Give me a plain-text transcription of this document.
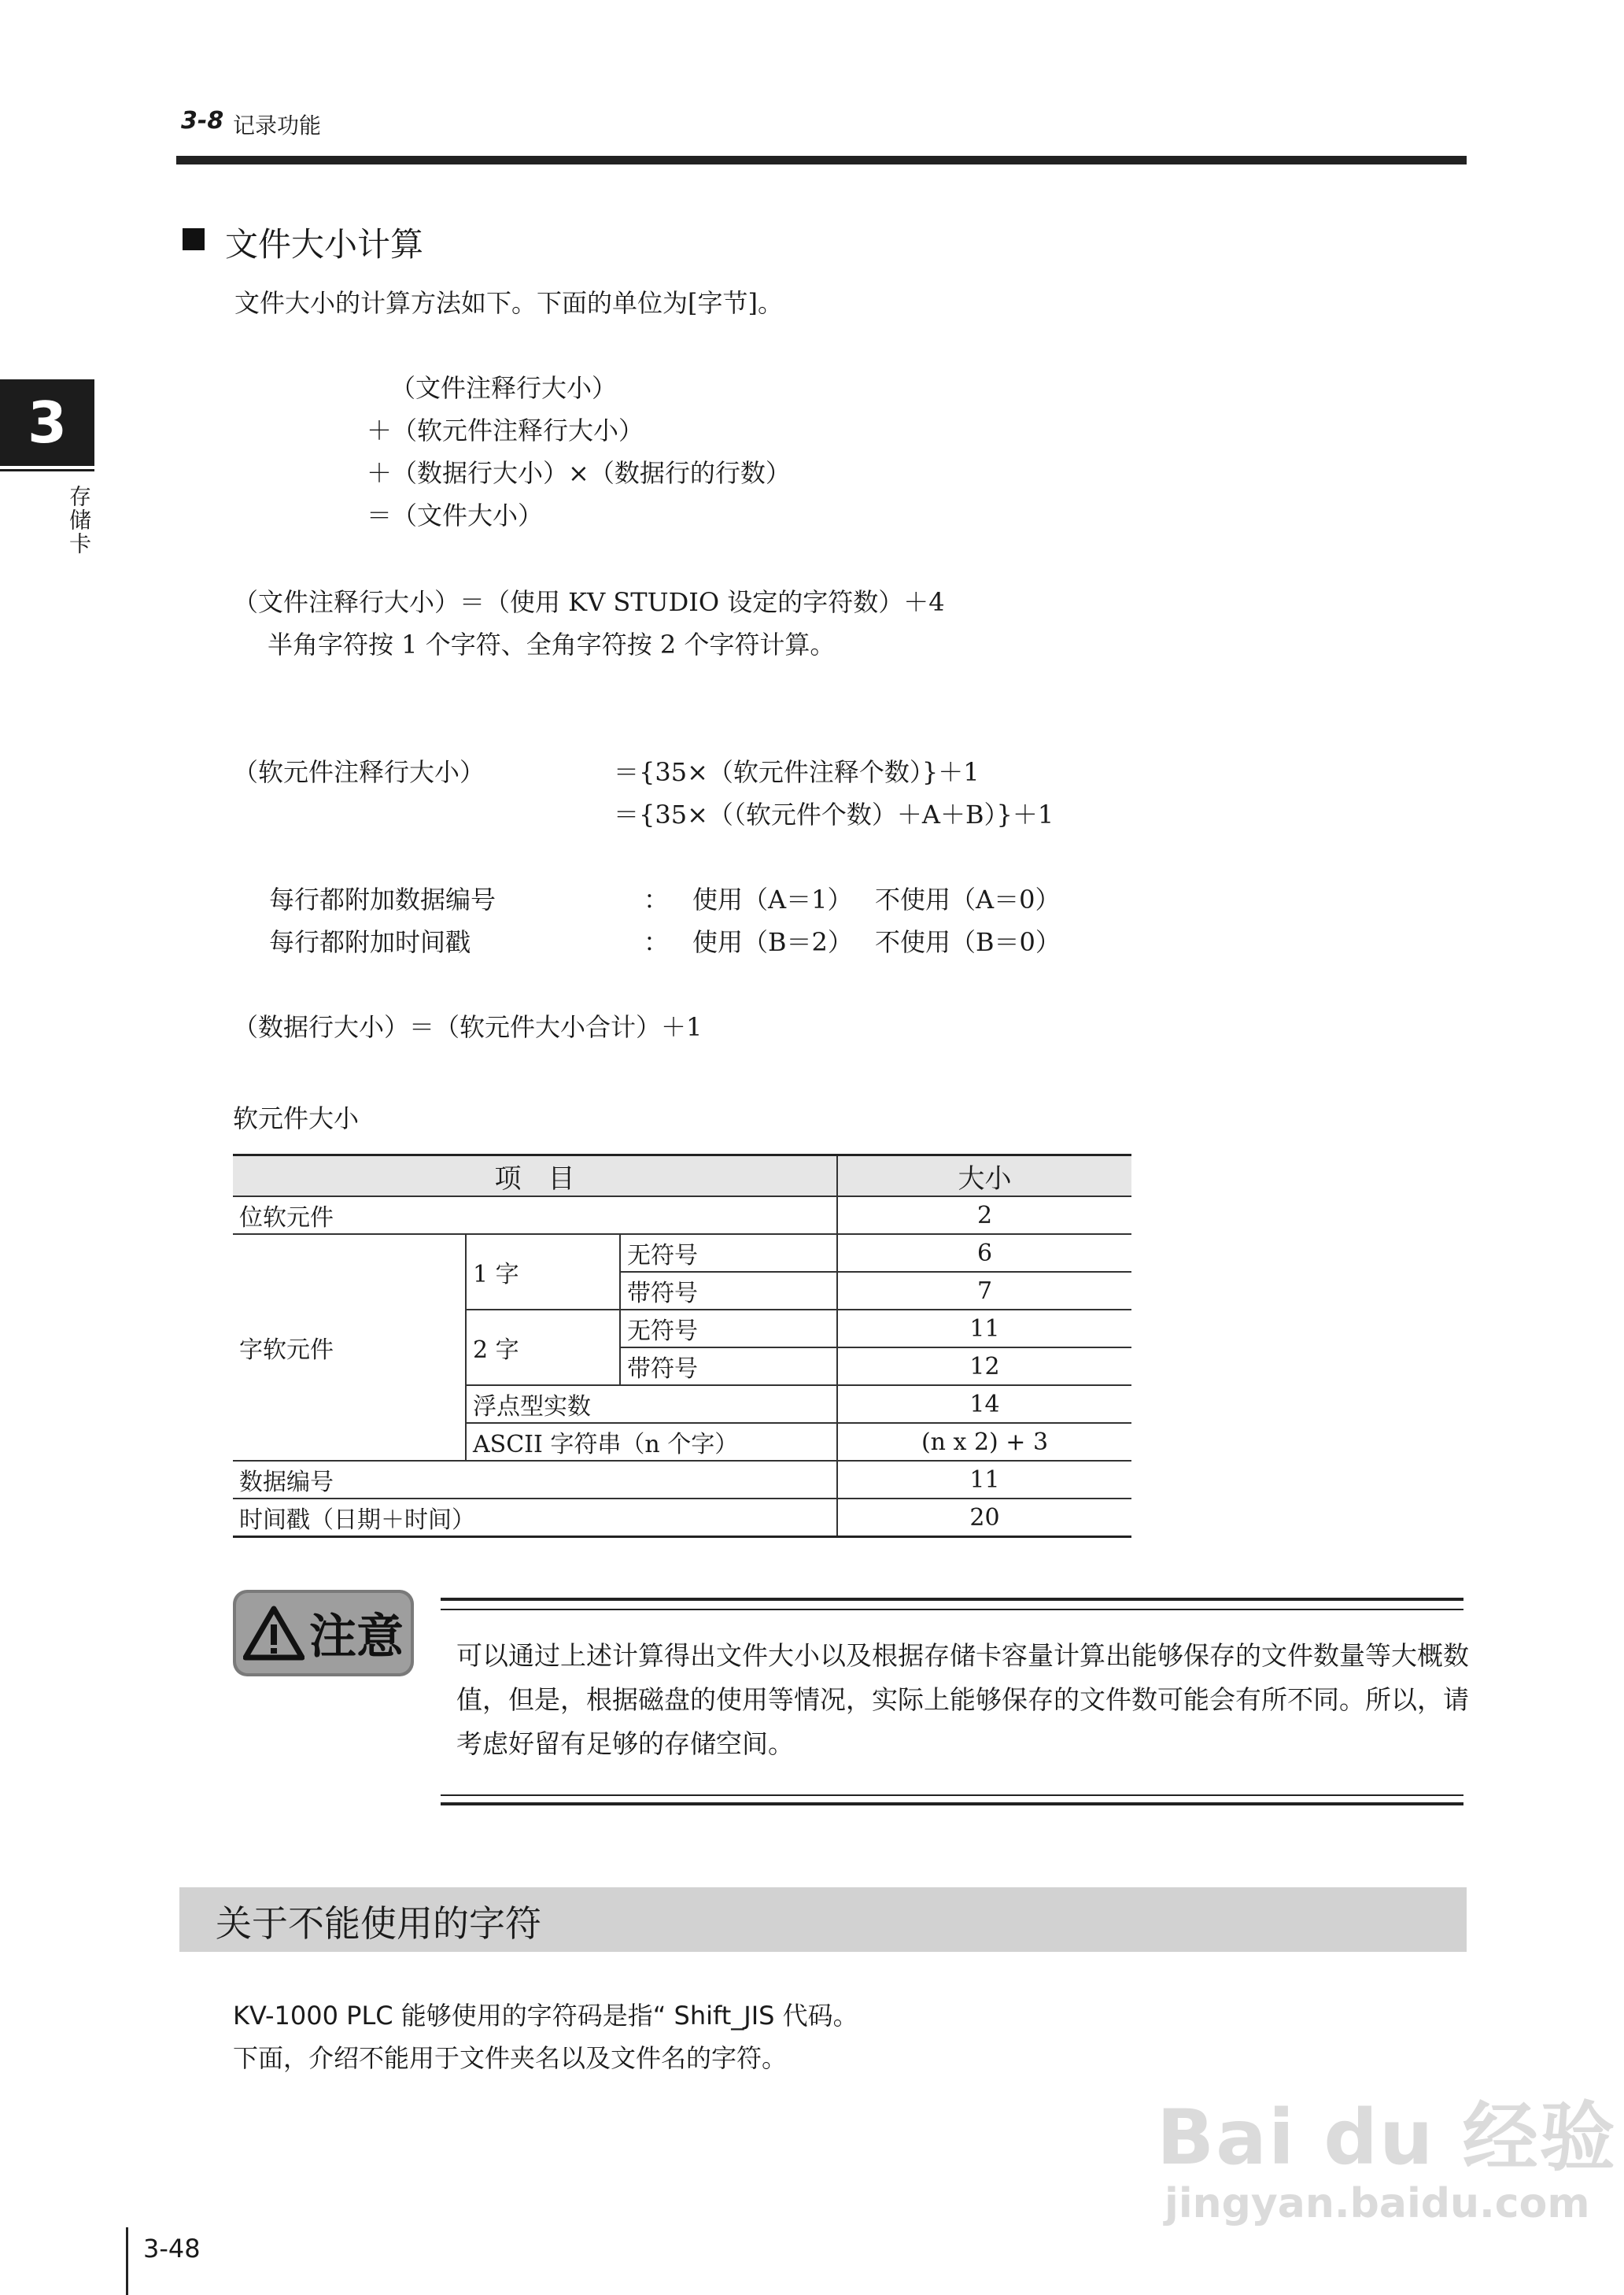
3-8 记录功能
3
存储卡
文件大小计算
文件大小的计算方法如下。下面的单位为[字节]。
（文件注释行大小）
＋（软元件注释行大小）
＋（数据行大小）×（数据行的行数）
＝（文件大小）
（文件注释行大小）＝（使用 KV STUDIO 设定的字符数）＋4
半角字符按 1 个字符、全角字符按 2 个字符计算。
（软元件注释行大小）	＝{35×（软元件注释个数）}＋1
＝{35×（（软元件个数）＋A＋B）}＋1
每行都附加数据编号	： 使用（A＝1） 不使用（A＝0）
每行都附加时间戳	： 使用（B＝2） 不使用（B＝0）
（数据行大小）＝（软元件大小合计）＋1
软元件大小
项　目			大小
位软元件			2
字软元件	1 字	无符号	6
		带符号	7
	2 字	无符号	11
		带符号	12
	浮点型实数		14
	ASCII 字符串（n 个字）		(n x 2) + 3
数据编号			11
时间戳（日期＋时间）			20
注意 可以通过上述计算得出文件大小以及根据存储卡容量计算出能够保存的文件数量等大概数值，但是，根据磁盘的使用等情况，实际上能够保存的文件数可能会有所不同。所以，请考虑好留有足够的存储空间。
关于不能使用的字符
KV-1000 PLC 能够使用的字符码是指“ Shift_JIS 代码。
下面，介绍不能用于文件夹名以及文件名的字符。
3-48
Bai du 经验
jingyan.baidu.com
